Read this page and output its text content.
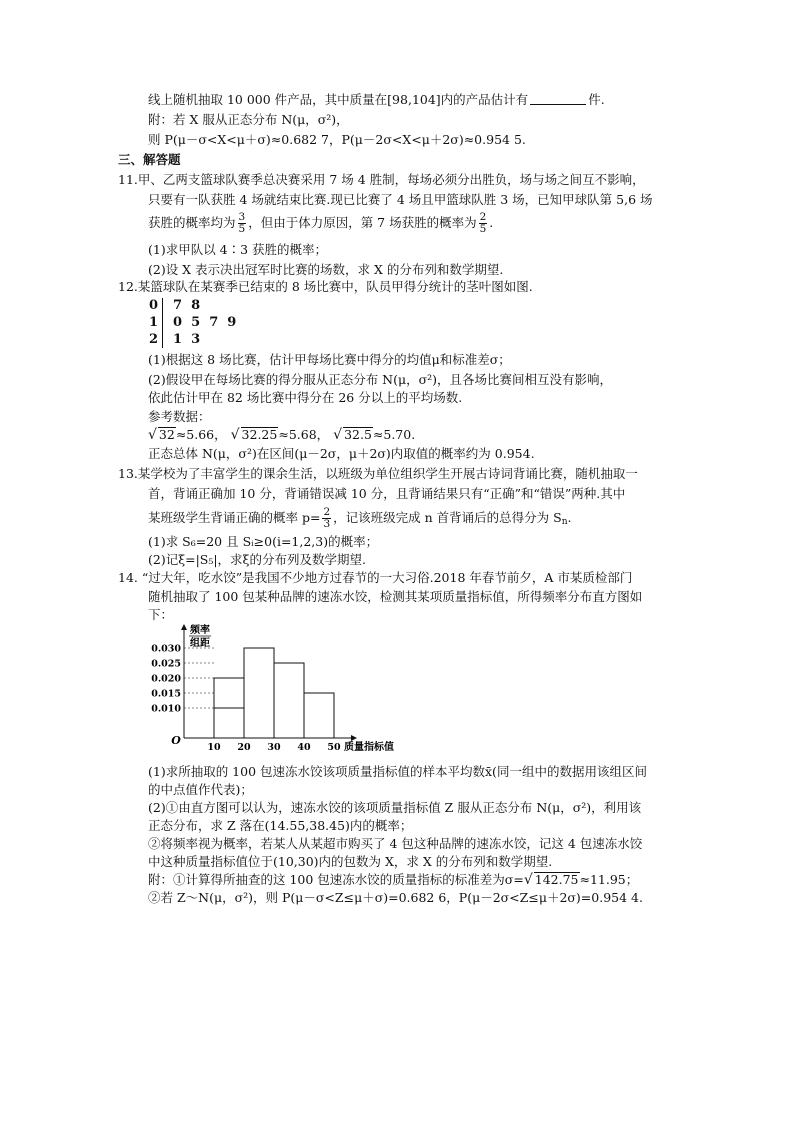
线上随机抽取 10 000 件产品，其中质量在[98,104]内的产品估计有	件.
附：若 X 服从正态分布 N(μ，σ²)，
则 P(μ－σ<X<μ＋σ)≈0.682 7，P(μ－2σ<X<μ＋2σ)≈0.954 5.
三、解答题
11.甲、乙两支篮球队赛季总决赛采用 7 场 4 胜制，每场必须分出胜负，场与场之间互不影响，
只要有一队获胜 4 场就结束比赛.现已比赛了 4 场且甲篮球队胜 3 场，已知甲球队第 5,6 场
获胜的概率均为 $\frac{3}{5}$ ，但由于体力原因，第 7 场获胜的概率为 $\frac{2}{5}$ .
(1)求甲队以 4∶3 获胜的概率；
(2)设 X 表示决出冠军时比赛的场数，求 X 的分布列和数学期望.
12.某篮球队在某赛季已结束的 8 场比赛中，队员甲得分统计的茎叶图如图.
0 7  8
1 0  5  7  9
2 1  3
(1)根据这 8 场比赛，估计甲每场比赛中得分的均值μ和标准差σ；
(2)假设甲在每场比赛的得分服从正态分布 N(μ，σ²)，且各场比赛间相互没有影响，
依此估计甲在 82 场比赛中得分在 26 分以上的平均场数.
参考数据：
√ 32≈5.66， √ 32.25≈5.68， √ 32.5≈5.70.
正态总体 N(μ，σ²)在区间(μ－2σ，μ＋2σ)内取值的概率约为 0.954.
13.某学校为了丰富学生的课余生活，以班级为单位组织学生开展古诗词背诵比赛，随机抽取一
首，背诵正确加 10 分，背诵错误减 10 分，且背诵结果只有“正确”和“错误”两种.其中
某班级学生背诵正确的概率 $p= \frac{2}{3}$ ，记该班级完成 n 首背诵后的总得分为 $S_n$.
(1)求 S₆=20 且 Sᵢ≥0(i=1,2,3)的概率；
(2)记ξ=|S₅|，求ξ的分布列及数学期望.
14. “过大年，吃水饺”是我国不少地方过春节的一大习俗.2018 年春节前夕，A 市某质检部门
随机抽取了 100 包某种品牌的速冻水饺，检测其某项质量指标值，所得频率分布直方图如
下：
频率
组距
0.010
0.015
0.020
0.025
0.030
10 20 30 40 50
O
质量指标值
(1)求所抽取的 100 包速冻水饺该项质量指标值的样本平均数x̄(同一组中的数据用该组区间
的中点值作代表)；
(2)①由直方图可以认为，速冻水饺的该项质量指标值 Z 服从正态分布 N(μ，σ²)，利用该
正态分布，求 Z 落在(14.55,38.45)内的概率；
②将频率视为概率，若某人从某超市购买了 4 包这种品牌的速冻水饺，记这 4 包速冻水饺
中这种质量指标值位于(10,30)内的包数为 X，求 X 的分布列和数学期望.
附：①计算得所抽查的这 100 包速冻水饺的质量指标的标准差为σ=√ 142.75≈11.95；
②若 Z～N(μ，σ²)，则 P(μ－σ<Z≤μ＋σ)=0.682 6，P(μ－2σ<Z≤μ＋2σ)=0.954 4.
